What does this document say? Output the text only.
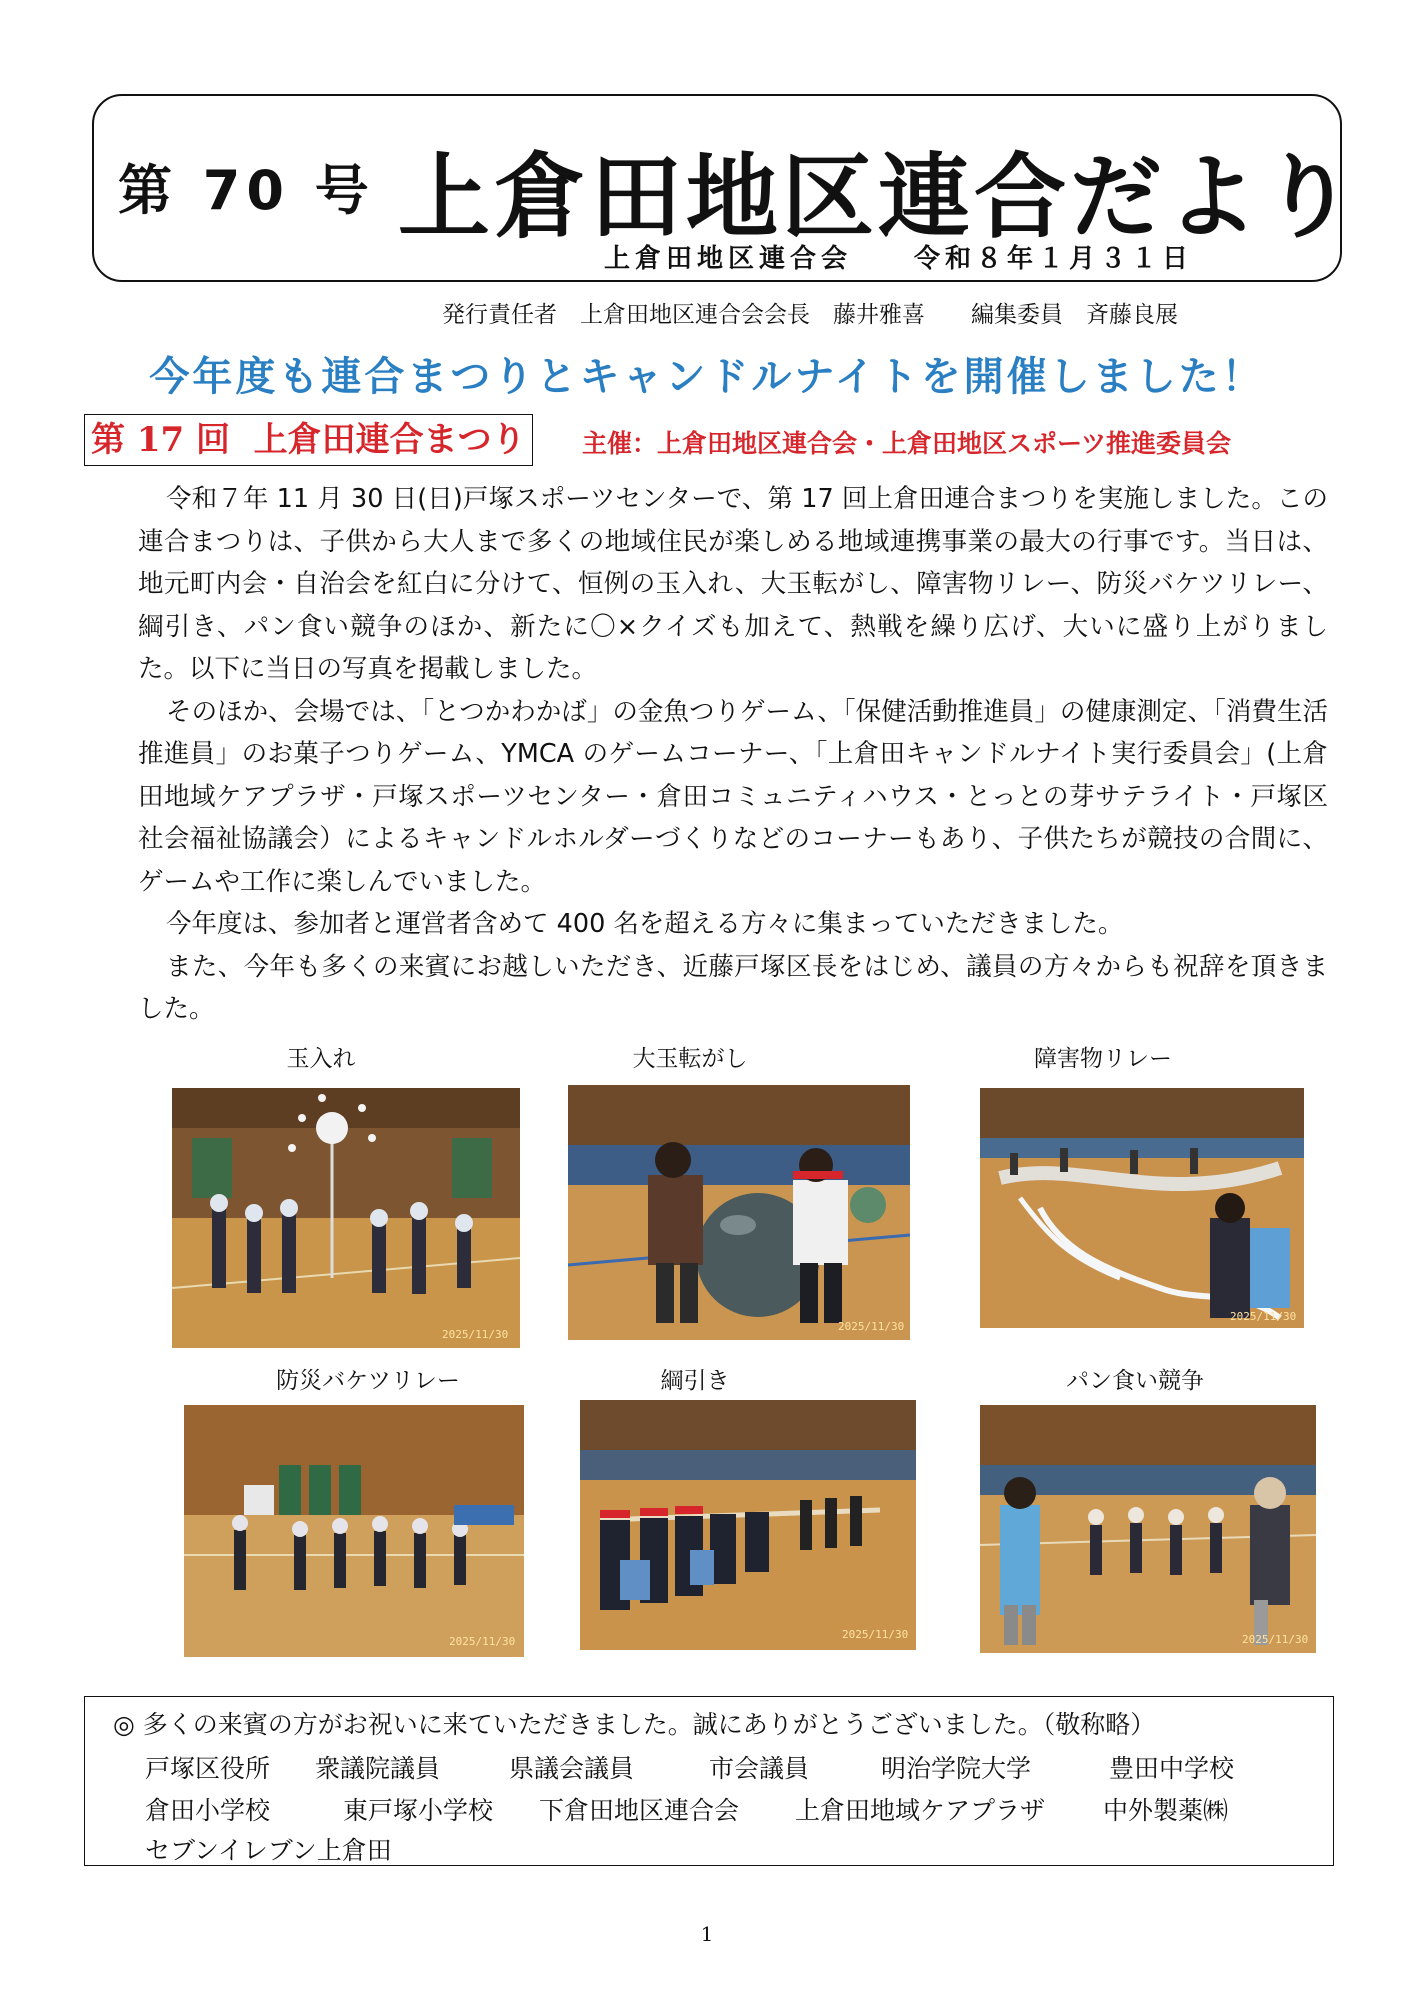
第 70 号 上倉田地区連合だより
上倉田地区連合会　　 令和８年１月３１日
発行責任者　上倉田地区連合会会長　藤井雅喜　　編集委員　斉藤良展
今年度も連合まつりとキャンドルナイトを開催しました！
第 17 回  上倉田連合まつり 主催：上倉田地区連合会・上倉田地区スポーツ推進委員会

令和７年 11 月 30 日(日)戸塚スポーツセンターで、第 17 回上倉田連合まつりを実施しました。この連合まつりは、子供から大人まで多くの地域住民が楽しめる地域連携事業の最大の行事です。当日は、地元町内会・自治会を紅白に分けて、恒例の玉入れ、大玉転がし、障害物リレー、防災バケツリレー、綱引き、パン食い競争のほか、新たに〇×クイズも加えて、熱戦を繰り広げ、大いに盛り上がりました。以下に当日の写真を掲載しました。

そのほか、会場では、「とつかわかば」の金魚つりゲーム、「保健活動推進員」の健康測定、「消費生活推進員」のお菓子つりゲーム、YMCA のゲームコーナー、「上倉田キャンドルナイト実行委員会」(上倉田地域ケアプラザ・戸塚スポーツセンター・倉田コミュニティハウス・とっとの芽サテライト・戸塚区社会福祉協議会）によるキャンドルホルダーづくりなどのコーナーもあり、子供たちが競技の合間に、ゲームや工作に楽しんでいました。

今年度は、参加者と運営者含めて 400 名を超える方々に集まっていただきました。

また、今年も多くの来賓にお越しいただき、近藤戸塚区長をはじめ、議員の方々からも祝辞を頂きました。

玉入れ	大玉転がし	障害物リレー
防災バケツリレー	綱引き	パン食い競争
2025/11/30
2025/11/30
2025/11/30
2025/11/30
2025/11/30	2025/11/30
◎ 多くの来賓の方がお祝いに来ていただきました。誠にありがとうございました。（敬称略）
戸塚区役所 衆議院議員	県議会議員	市会議員	明治学院大学	豊田中学校
倉田小学校	東戸塚小学校 下倉田地区連合会 上倉田地域ケアプラザ 中外製薬㈱
セブンイレブン上倉田
1
